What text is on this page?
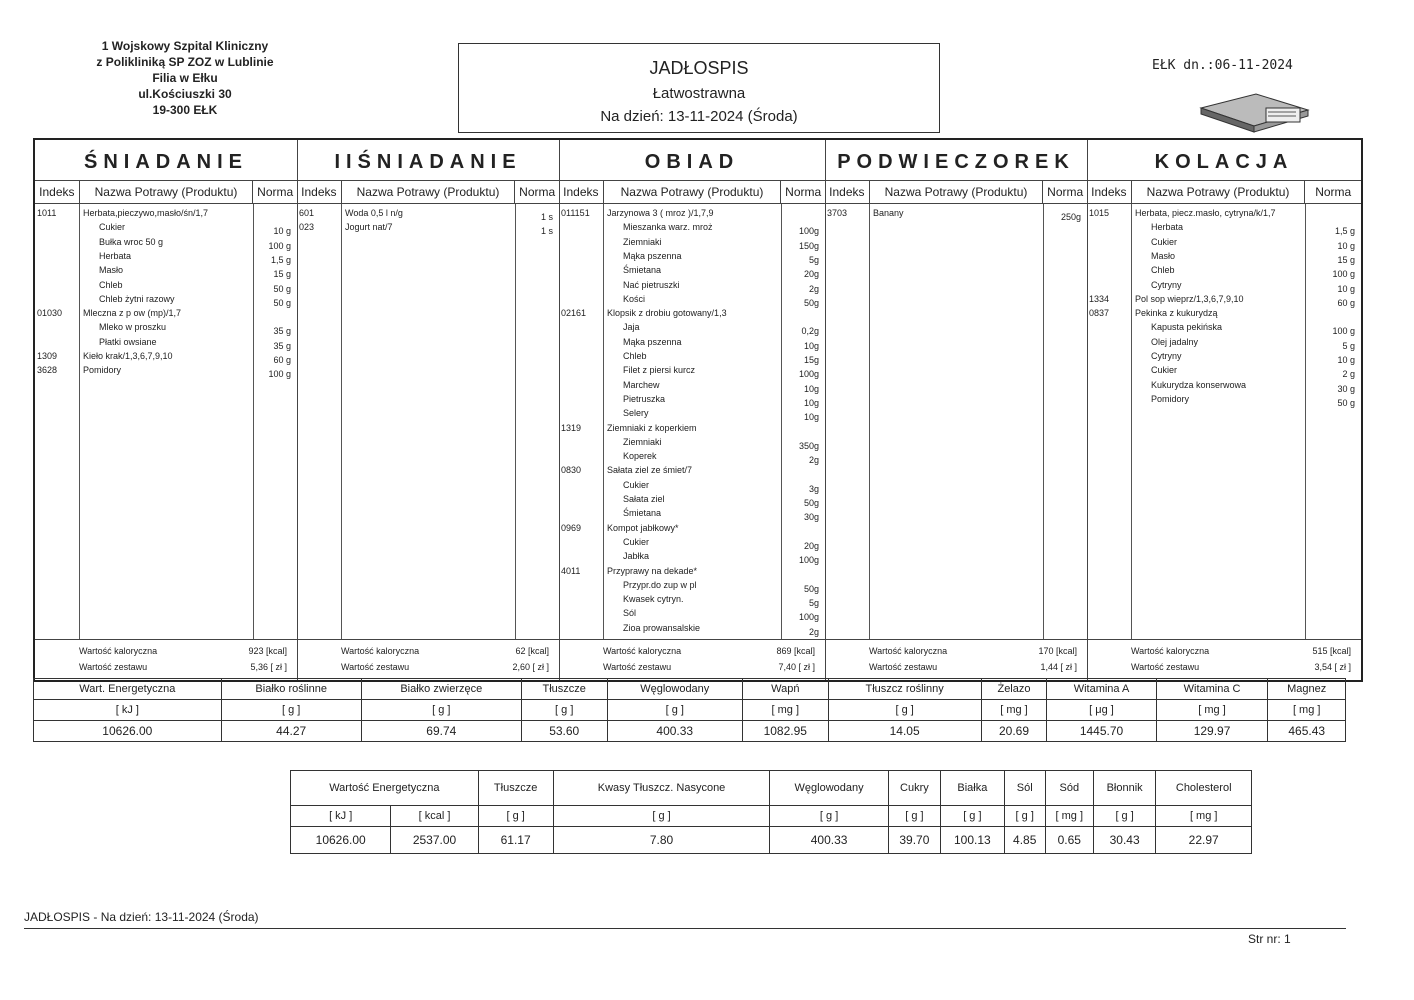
1 Wojskowy Szpital Kliniczny
z Polikliniką SP ZOZ w Lublinie
Filia w Ełku
ul.Kościuszki 30
19-300 EŁK
JADŁOSPIS
Łatwostrawna
Na dzień: 13-11-2024 (Środa)
EŁK dn.:06-11-2024
ŚNIADANIE
Indeks	Nazwa Potrawy (Produktu)	Norma
1011	Herbata,pieczywo,masło/śn/1,7
Cukier	10 g
Bułka wroc 50 g	100 g
Herbata	1,5 g
Masło	15 g
Chleb	50 g
Chleb żytni razowy	50 g
01030 Mleczna z p ow (mp)/1,7
Mleko w proszku	35 g
Płatki owsiane	35 g
1309	Kieło krak/1,3,6,7,9,10	60 g
3628	Pomidory	100 g
Wartość kaloryczna	923 [kcal]
Wartość zestawu	5,36 [ zł ]
IIŚNIADANIE
Indeks	Nazwa Potrawy (Produktu)	Norma
601	Woda 0,5 l n/g	1 s
023	Jogurt nat/7	1 s
Wartość kaloryczna	62 [kcal]
Wartość zestawu	2,60 [ zł ]
OBIAD
Indeks	Nazwa Potrawy (Produktu)	Norma
011151 Jarzynowa 3 ( mroz )/1,7,9
Mieszanka warz. mroż	100g
Ziemniaki	150g
Mąka pszenna	5g
Śmietana	20g
Nać pietruszki	2g
Kości	50g
02161 Klopsik z drobiu gotowany/1,3
Jaja	0,2g
Mąka pszenna	10g
Chleb	15g
Filet z piersi kurcz	100g
Marchew	10g
Pietruszka	10g
Selery	10g
1319	Ziemniaki z koperkiem
Ziemniaki	350g
Koperek	2g
0830	Sałata ziel ze śmiet/7
Cukier	3g
Sałata ziel	50g
Śmietana	30g
0969	Kompot jabłkowy*
Cukier	20g
Jabłka	100g
4011	Przyprawy na dekade*
Przypr.do zup w pl	50g
Kwasek cytryn.	5g
Sól	100g
Zioa prowansalskie	2g
Wartość kaloryczna	869 [kcal]
Wartość zestawu	7,40 [ zł ]
PODWIECZOREK
Indeks	Nazwa Potrawy (Produktu)	Norma
3703	Banany	250g
Wartość kaloryczna	170 [kcal]
Wartość zestawu	1,44 [ zł ]
KOLACJA
Indeks	Nazwa Potrawy (Produktu)	Norma
1015	Herbata, piecz.masło, cytryna/k/1,7
Herbata	1,5 g
Cukier	10 g
Masło	15 g
Chleb	100 g
Cytryny	10 g
1334	Pol sop wieprz/1,3,6,7,9,10	60 g
0837	Pekinka z kukurydzą
Kapusta pekińska	100 g
Olej jadalny	5 g
Cytryny	10 g
Cukier	2 g
Kukurydza konserwowa	30 g
Pomidory	50 g
Wartość kaloryczna	515 [kcal]
Wartość zestawu	3,54 [ zł ]
Wart. Energetyczna	Białko roślinne	Białko zwierzęce	Tłuszcze	Węglowodany	Wapń	Tłuszcz roślinny	Żelazo	Witamina A	Witamina C	Magnez
[ kJ ]	[ g ]	[ g ]	[ g ]	[ g ]	[ mg ]	[ g ]	[ mg ]	[ μg ]	[ mg ]	[ mg ]
10626.00	44.27	69.74	53.60	400.33	1082.95	14.05	20.69	1445.70	129.97	465.43
Wartość Energetyczna		Tłuszcze	Kwasy Tłuszcz. Nasycone	Węglowodany	Cukry	Białka	Sól	Sód	Błonnik	Cholesterol
[ kJ ]	[ kcal ]	[ g ]	[ g ]	[ g ]	[ g ]	[ g ]	[ g ]	[ mg ]	[ g ]	[ mg ]
10626.00	2537.00	61.17	7.80	400.33	39.70	100.13	4.85	0.65	30.43	22.97
JADŁOSPIS - Na dzień: 13-11-2024 (Środa)
Str nr: 1
